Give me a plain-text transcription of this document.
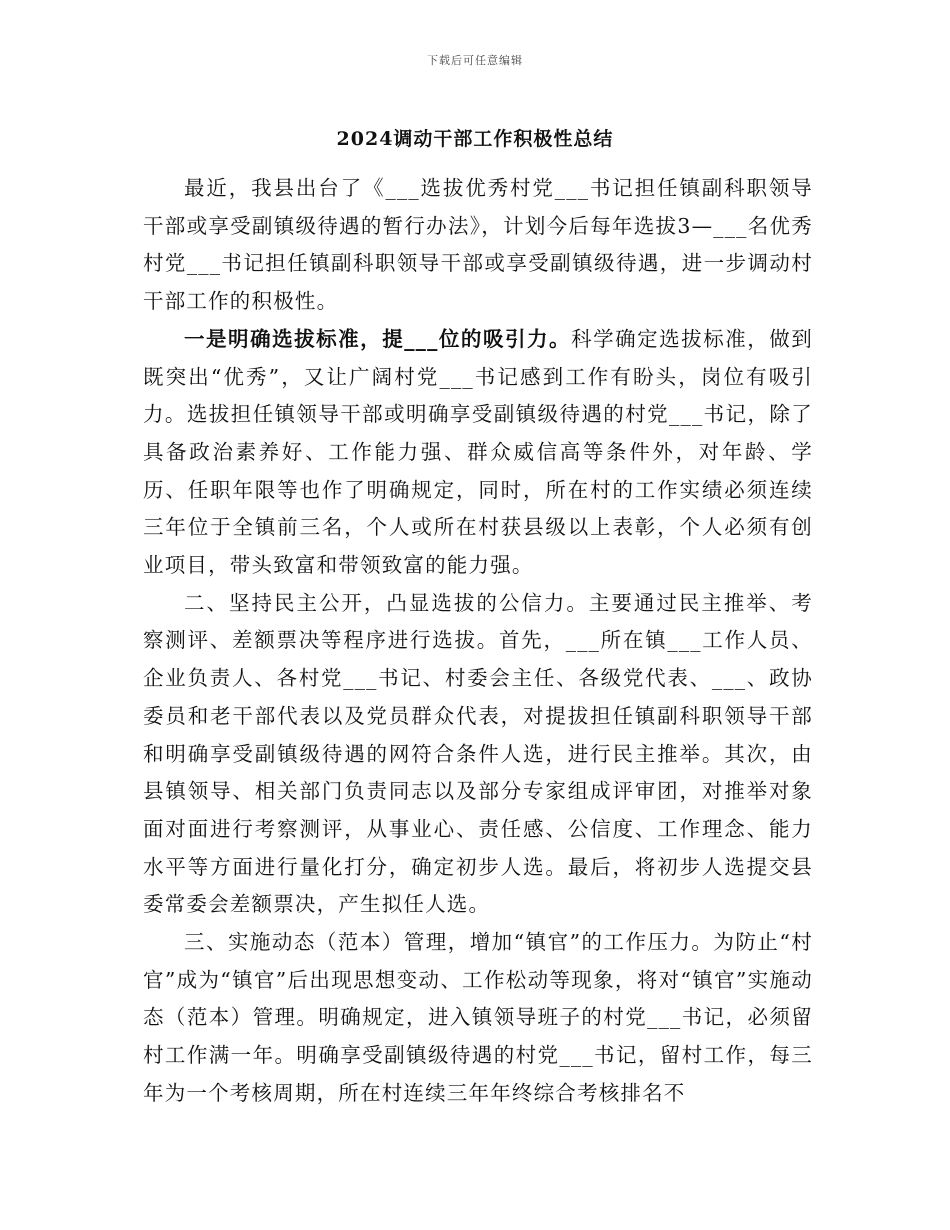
下载后可任意编辑
2024调动干部工作积极性总结

最近，我县出台了《___选拔优秀村党___书记担任镇副科职领导干部或享受副镇级待遇的暂行办法》，计划今后每年选拔3—___名优秀村党___书记担任镇副科职领导干部或享受副镇级待遇，进一步调动村干部工作的积极性。

一是明确选拔标准，提___位的吸引力。科学确定选拔标准，做到既突出“优秀”，又让广阔村党___书记感到工作有盼头，岗位有吸引力。选拔担任镇领导干部或明确享受副镇级待遇的村党___书记，除了具备政治素养好、工作能力强、群众威信高等条件外，对年龄、学历、任职年限等也作了明确规定，同时，所在村的工作实绩必须连续三年位于全镇前三名，个人或所在村获县级以上表彰，个人必须有创业项目，带头致富和带领致富的能力强。

二、坚持民主公开，凸显选拔的公信力。主要通过民主推举、考察测评、差额票决等程序进行选拔。首先，___所在镇___工作人员、企业负责人、各村党___书记、村委会主任、各级党代表、___、政协委员和老干部代表以及党员群众代表，对提拔担任镇副科职领导干部和明确享受副镇级待遇的网符合条件人选，进行民主推举。其次，由县镇领导、相关部门负责同志以及部分专家组成评审团，对推举对象面对面进行考察测评，从事业心、责任感、公信度、工作理念、能力水平等方面进行量化打分，确定初步人选。最后，将初步人选提交县委常委会差额票决，产生拟任人选。

三、实施动态（范本）管理，增加“镇官”的工作压力。为防止“村官”成为“镇官”后出现思想变动、工作松动等现象，将对“镇官”实施动态（范本）管理。明确规定，进入镇领导班子的村党___书记，必须留村工作满一年。明确享受副镇级待遇的村党___书记，留村工作，每三年为一个考核周期，所在村连续三年年终综合考核排名不
